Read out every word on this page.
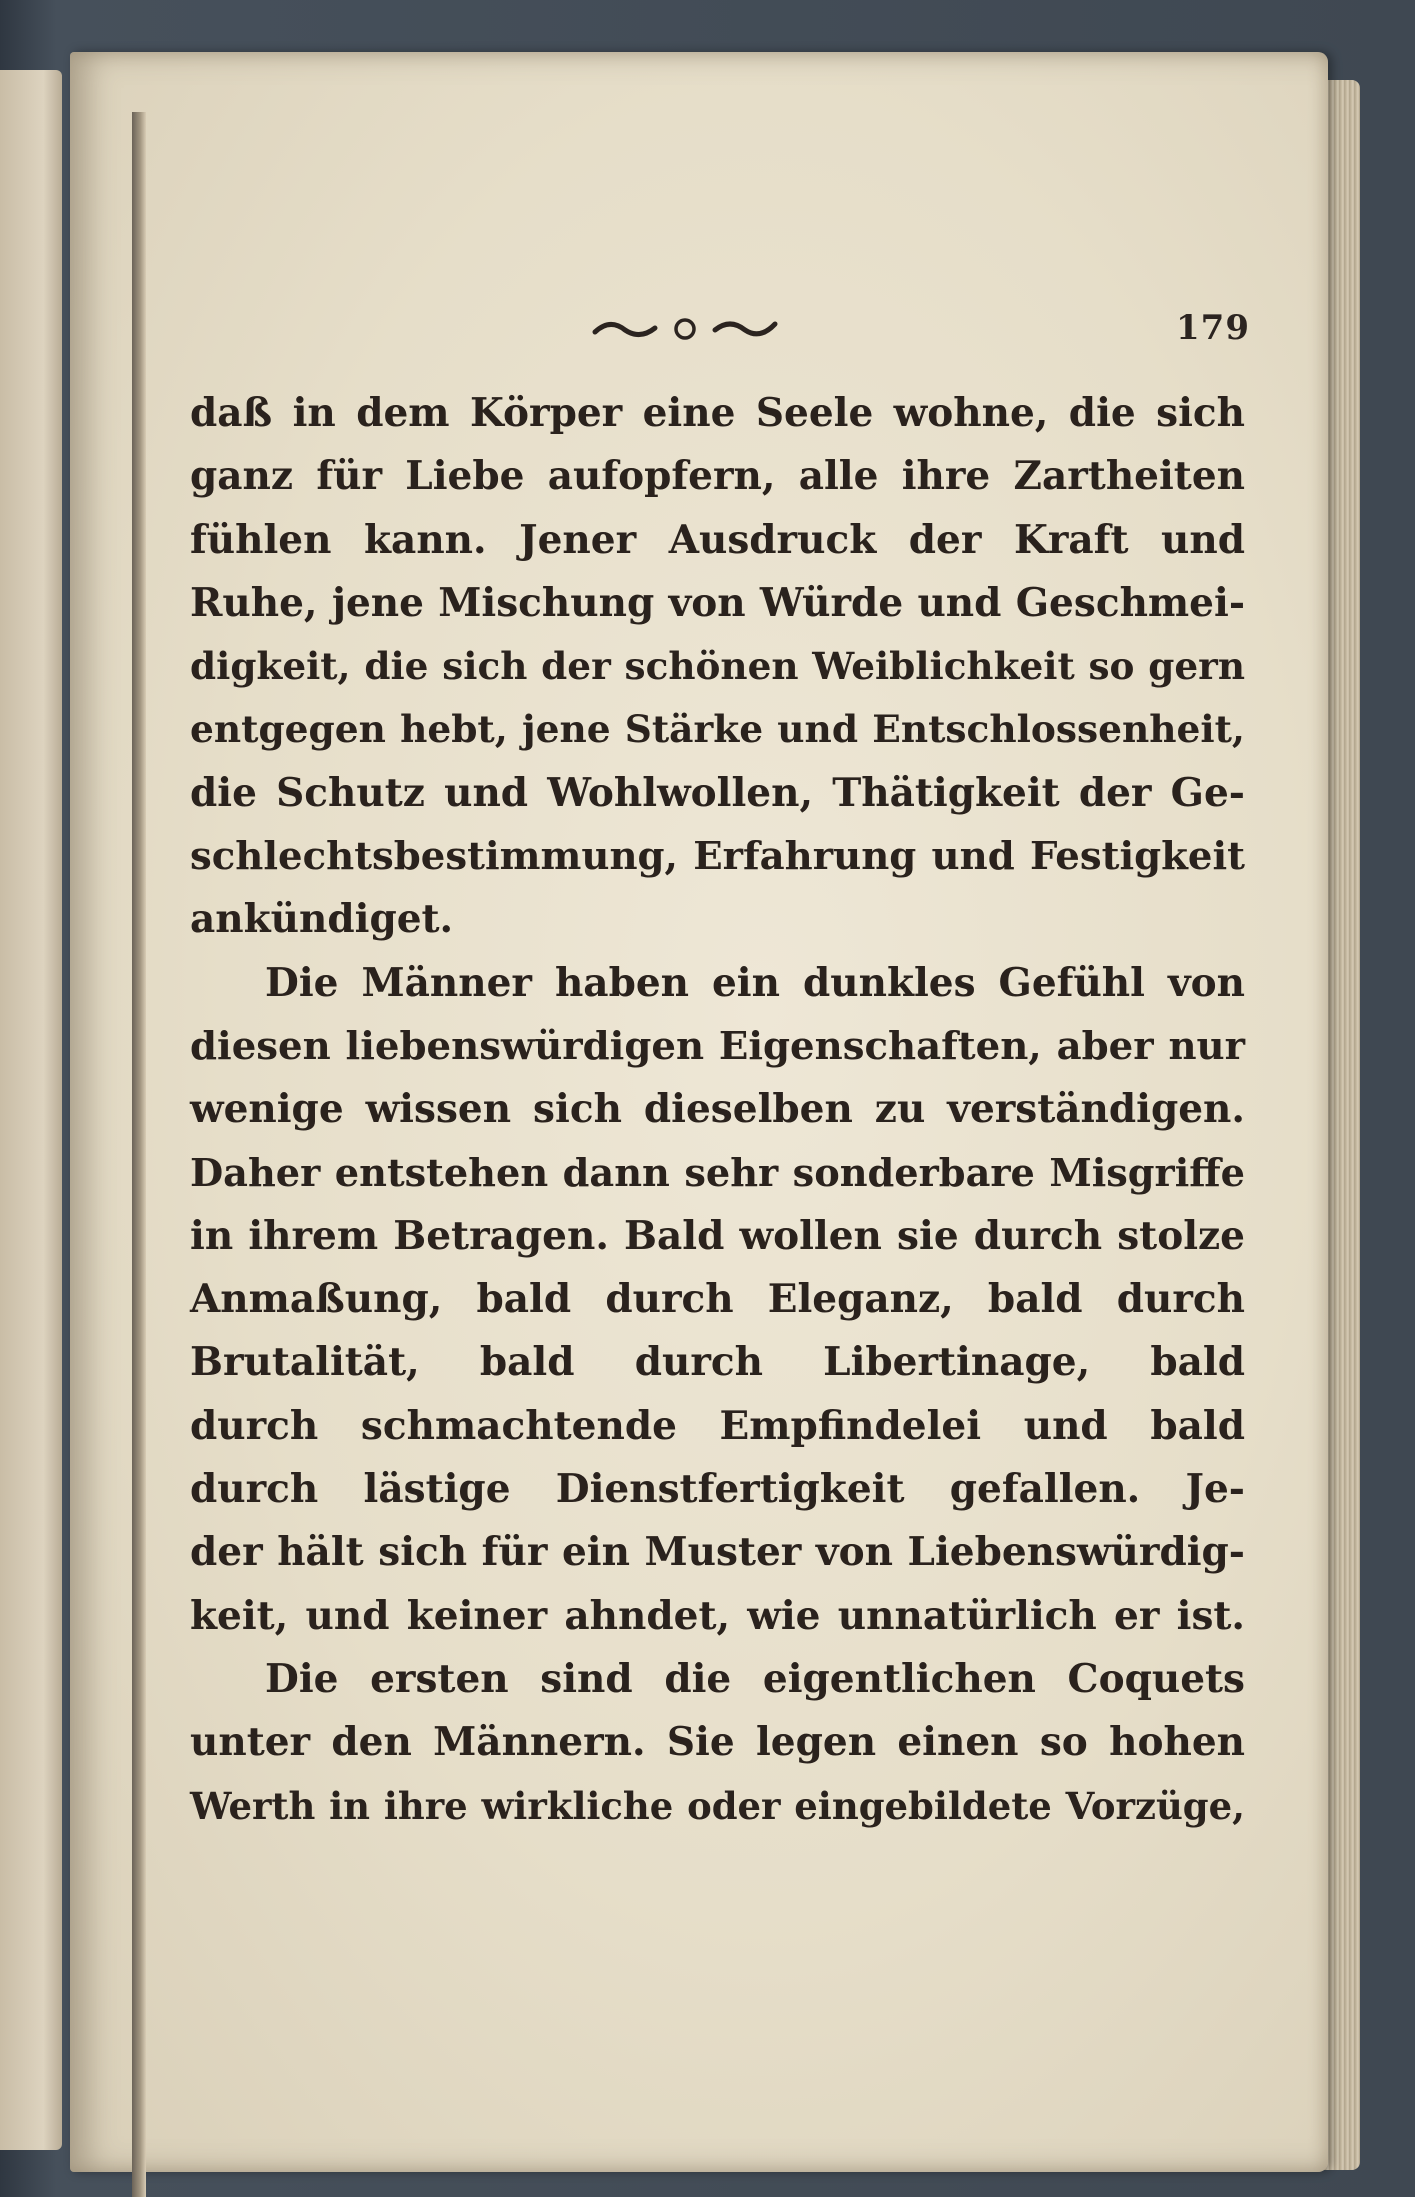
179
daß in dem Körper eine Seele wohne, die sich
ganz für Liebe aufopfern, alle ihre Zartheiten
fühlen kann. Jener Ausdruck der Kraft und
Ruhe, jene Mischung von Würde und Geschmei-
digkeit, die sich der schönen Weiblichkeit so gern
entgegen hebt, jene Stärke und Entschlossenheit,
die Schutz und Wohlwollen, Thätigkeit der Ge-
schlechtsbestimmung, Erfahrung und Festigkeit
ankündiget.
Die Männer haben ein dunkles Gefühl von
diesen liebenswürdigen Eigenschaften, aber nur
wenige wissen sich dieselben zu verständigen.
Daher entstehen dann sehr sonderbare Misgriffe
in ihrem Betragen. Bald wollen sie durch stolze
Anmaßung, bald durch Eleganz, bald durch
Brutalität, bald durch Libertinage, bald
durch schmachtende Empfindelei und bald
durch lästige Dienstfertigkeit gefallen. Je-
der hält sich für ein Muster von Liebenswürdig-
keit, und keiner ahndet, wie unnatürlich er ist.
Die ersten sind die eigentlichen Coquets
unter den Männern. Sie legen einen so hohen
Werth in ihre wirkliche oder eingebildete Vorzüge,
